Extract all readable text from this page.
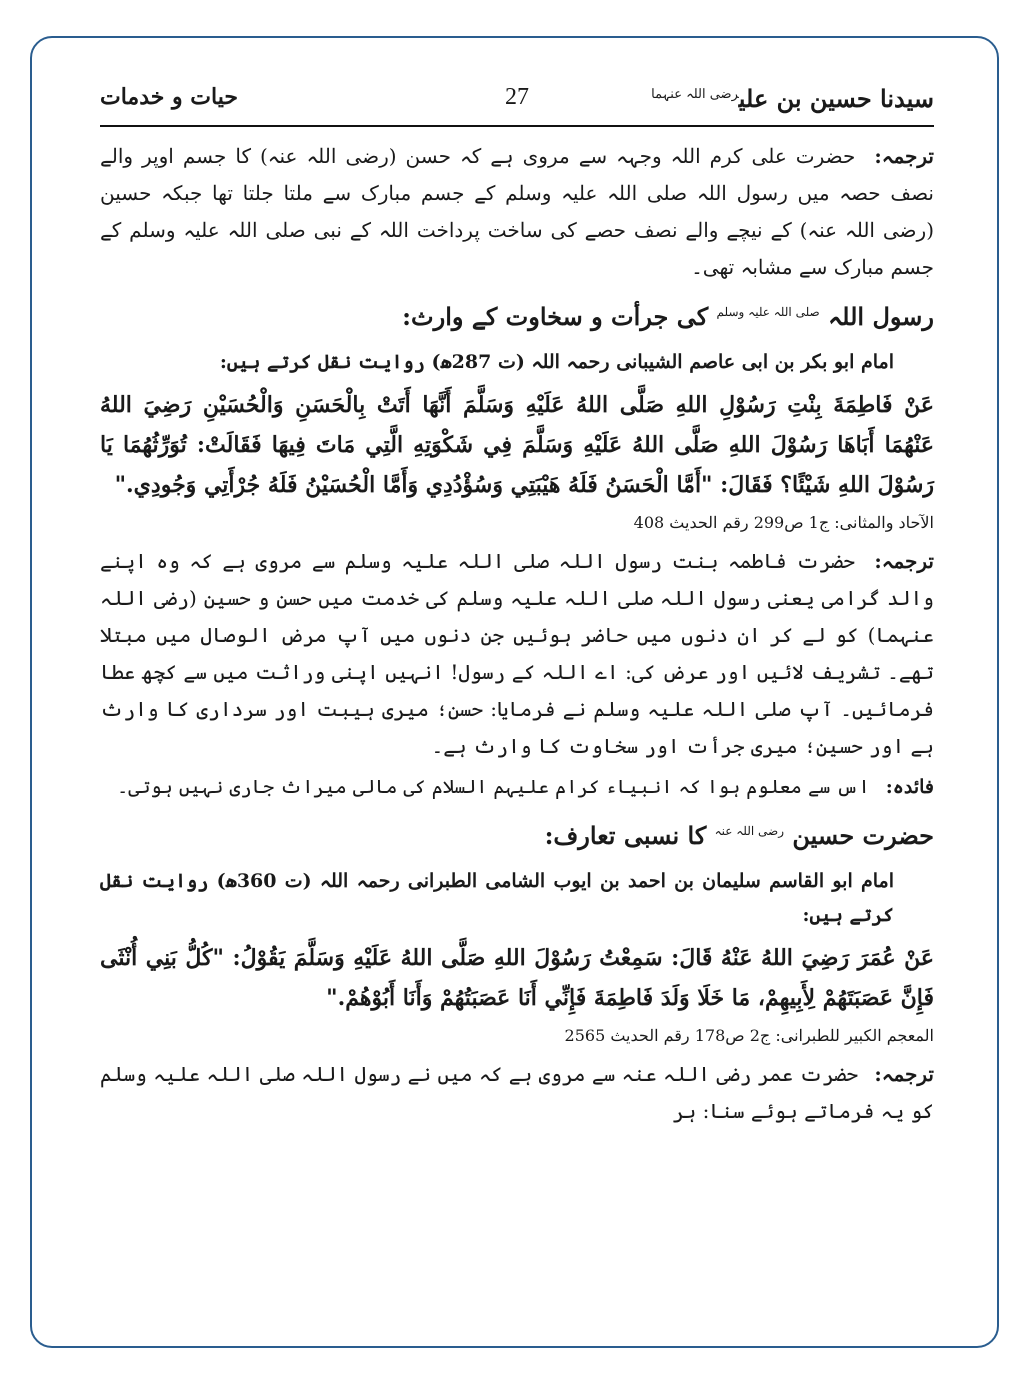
سیدنا حسین بن علی$^{رضی اللہ عنہما}$
27
حیات و خدمات

ترجمہ: حضرت علی کرم اللہ وجہہ سے مروی ہے کہ حسن (رضی اللہ عنہ) کا جسم اوپر والے نصف حصہ میں رسول اللہ صلی اللہ علیہ وسلم کے جسم مبارک سے ملتا جلتا تھا جبکہ حسین (رضی اللہ عنہ) کے نیچے والے نصف حصے کی ساخت پرداخت اللہ کے نبی صلی اللہ علیہ وسلم کے جسم مبارک سے مشابہ تھی۔

رسول اللہ $^{صلی اللہ علیہ وسلم}$ کی جرأت و سخاوت کے وارث:
امام ابو بکر بن ابی عاصم الشیبانی رحمہ اللہ (ت 287ھ) روایت نقل کرتے ہیں:
عَنْ فَاطِمَةَ بِنْتِ رَسُوْلِ اللهِ صَلَّى اللهُ عَلَيْهِ وَسَلَّمَ أَنَّهَا أَتَتْ بِالْحَسَنِ وَالْحُسَيْنِ رَضِيَ اللهُ عَنْهُمَا أَبَاهَا رَسُوْلَ اللهِ صَلَّى اللهُ عَلَيْهِ وَسَلَّمَ فِي شَكْوَتِهِ الَّتِي مَاتَ فِيهَا فَقَالَتْ: تُوَرِّثُهُمَا يَا رَسُوْلَ اللهِ شَيْئًا؟ فَقَالَ: "أَمَّا الْحَسَنُ فَلَهُ هَيْبَتِي وَسُؤْدُدِي وَأَمَّا الْحُسَيْنُ فَلَهُ جُرْأَتِي وَجُودِي."
الآحاد والمثانی: ج1 ص299 رقم الحدیث 408

ترجمہ: حضرت فاطمہ بنت رسول اللہ صلی اللہ علیہ وسلم سے مروی ہے کہ وہ اپنے والد گرامی یعنی رسول اللہ صلی اللہ علیہ وسلم کی خدمت میں حسن و حسین (رضی اللہ عنہما) کو لے کر ان دنوں میں حاضر ہوئیں جن دنوں میں آپ مرض الوصال میں مبتلا تھے۔ تشریف لائیں اور عرض کی: اے اللہ کے رسول! انہیں اپنی وراثت میں سے کچھ عطا فرمائیں۔ آپ صلی اللہ علیہ وسلم نے فرمایا: حسن؛ میری ہیبت اور سرداری کا وارث ہے اور حسین؛ میری جرأت اور سخاوت کا وارث ہے۔

فائدہ: اس سے معلوم ہوا کہ انبیاء کرام علیہم السلام کی مالی میراث جاری نہیں ہوتی۔
حضرت حسین $^{رضی اللہ عنہ}$ کا نسبی تعارف:
امام ابو القاسم سلیمان بن احمد بن ایوب الشامی الطبرانی رحمہ اللہ (ت 360ھ) روایت نقل کرتے ہیں:
عَنْ عُمَرَ رَضِيَ اللهُ عَنْهُ قَالَ: سَمِعْتُ رَسُوْلَ اللهِ صَلَّى اللهُ عَلَيْهِ وَسَلَّمَ يَقُوْلُ: "كُلُّ بَنِي أُنْثَى فَإِنَّ عَصَبَتَهُمْ لِأَبِيهِمْ، مَا خَلَا وَلَدَ فَاطِمَةَ فَإِنِّي أَنَا عَصَبَتُهُمْ وَأَنَا أَبُوْهُمْ."
المعجم الکبیر للطبرانی: ج2 ص178 رقم الحدیث 2565

ترجمہ: حضرت عمر رضی اللہ عنہ سے مروی ہے کہ میں نے رسول اللہ صلی اللہ علیہ وسلم کو یہ فرماتے ہوئے سنا: ہر
